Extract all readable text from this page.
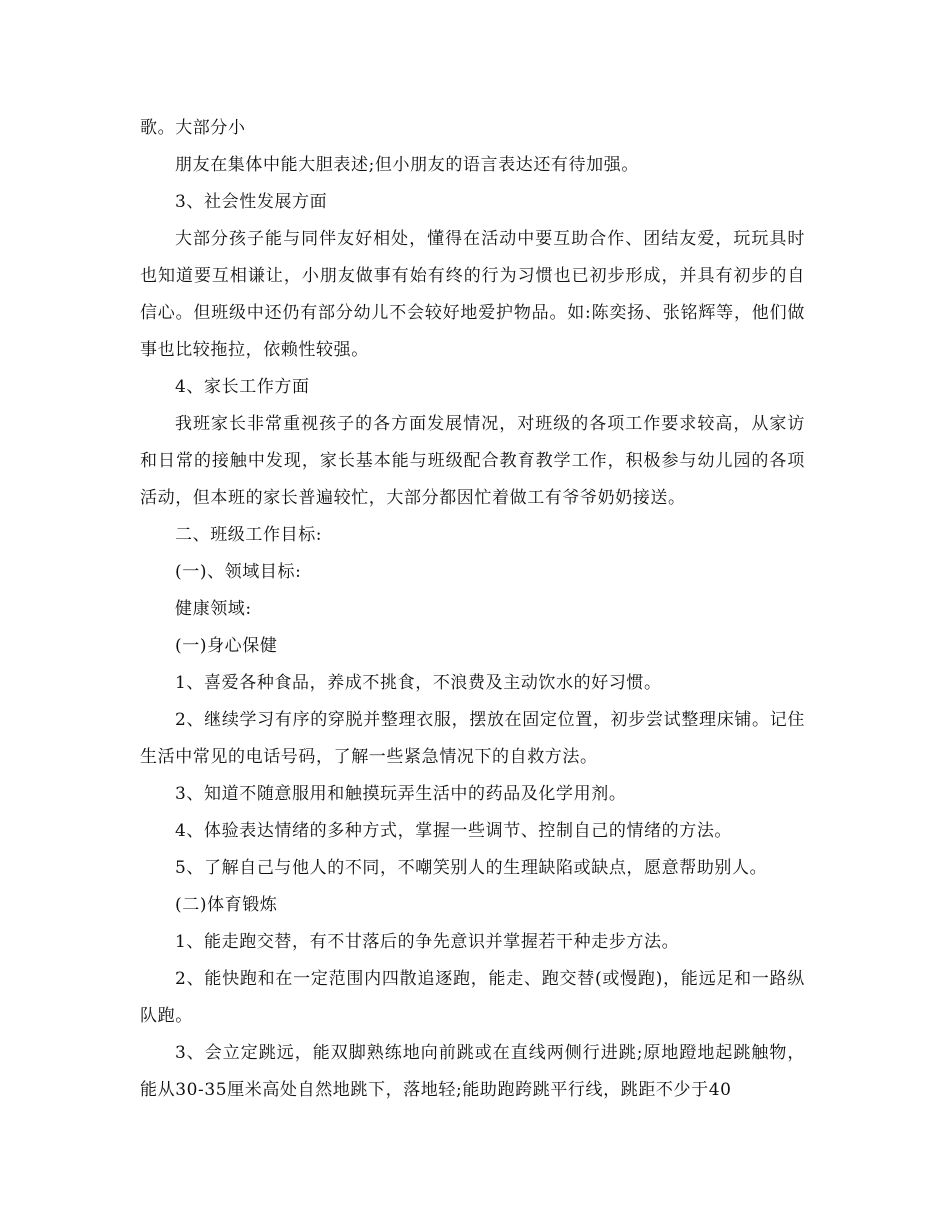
歌。大部分小

朋友在集体中能大胆表述;但小朋友的语言表达还有待加强。

3、社会性发展方面

大部分孩子能与同伴友好相处，懂得在活动中要互助合作、团结友爱，玩玩具时也知道要互相谦让，小朋友做事有始有终的行为习惯也已初步形成，并具有初步的自信心。但班级中还仍有部分幼儿不会较好地爱护物品。如:陈奕扬、张铭辉等，他们做事也比较拖拉，依赖性较强。

4、家长工作方面

我班家长非常重视孩子的各方面发展情况，对班级的各项工作要求较高，从家访和日常的接触中发现，家长基本能与班级配合教育教学工作，积极参与幼儿园的各项活动，但本班的家长普遍较忙，大部分都因忙着做工有爷爷奶奶接送。

二、班级工作目标:

(一)、领域目标:

健康领域:

(一)身心保健

1、喜爱各种食品，养成不挑食，不浪费及主动饮水的好习惯。

2、继续学习有序的穿脱并整理衣服，摆放在固定位置，初步尝试整理床铺。记住生活中常见的电话号码，了解一些紧急情况下的自救方法。

3、知道不随意服用和触摸玩弄生活中的药品及化学用剂。

4、体验表达情绪的多种方式，掌握一些调节、控制自己的情绪的方法。

5、了解自己与他人的不同，不嘲笑别人的生理缺陷或缺点，愿意帮助别人。

(二)体育锻炼

1、能走跑交替，有不甘落后的争先意识并掌握若干种走步方法。

2、能快跑和在一定范围内四散追逐跑，能走、跑交替(或慢跑)，能远足和一路纵队跑。

3、会立定跳远，能双脚熟练地向前跳或在直线两侧行进跳;原地蹬地起跳触物，能从30-35厘米高处自然地跳下，落地轻;能助跑跨跳平行线，跳距不少于40
